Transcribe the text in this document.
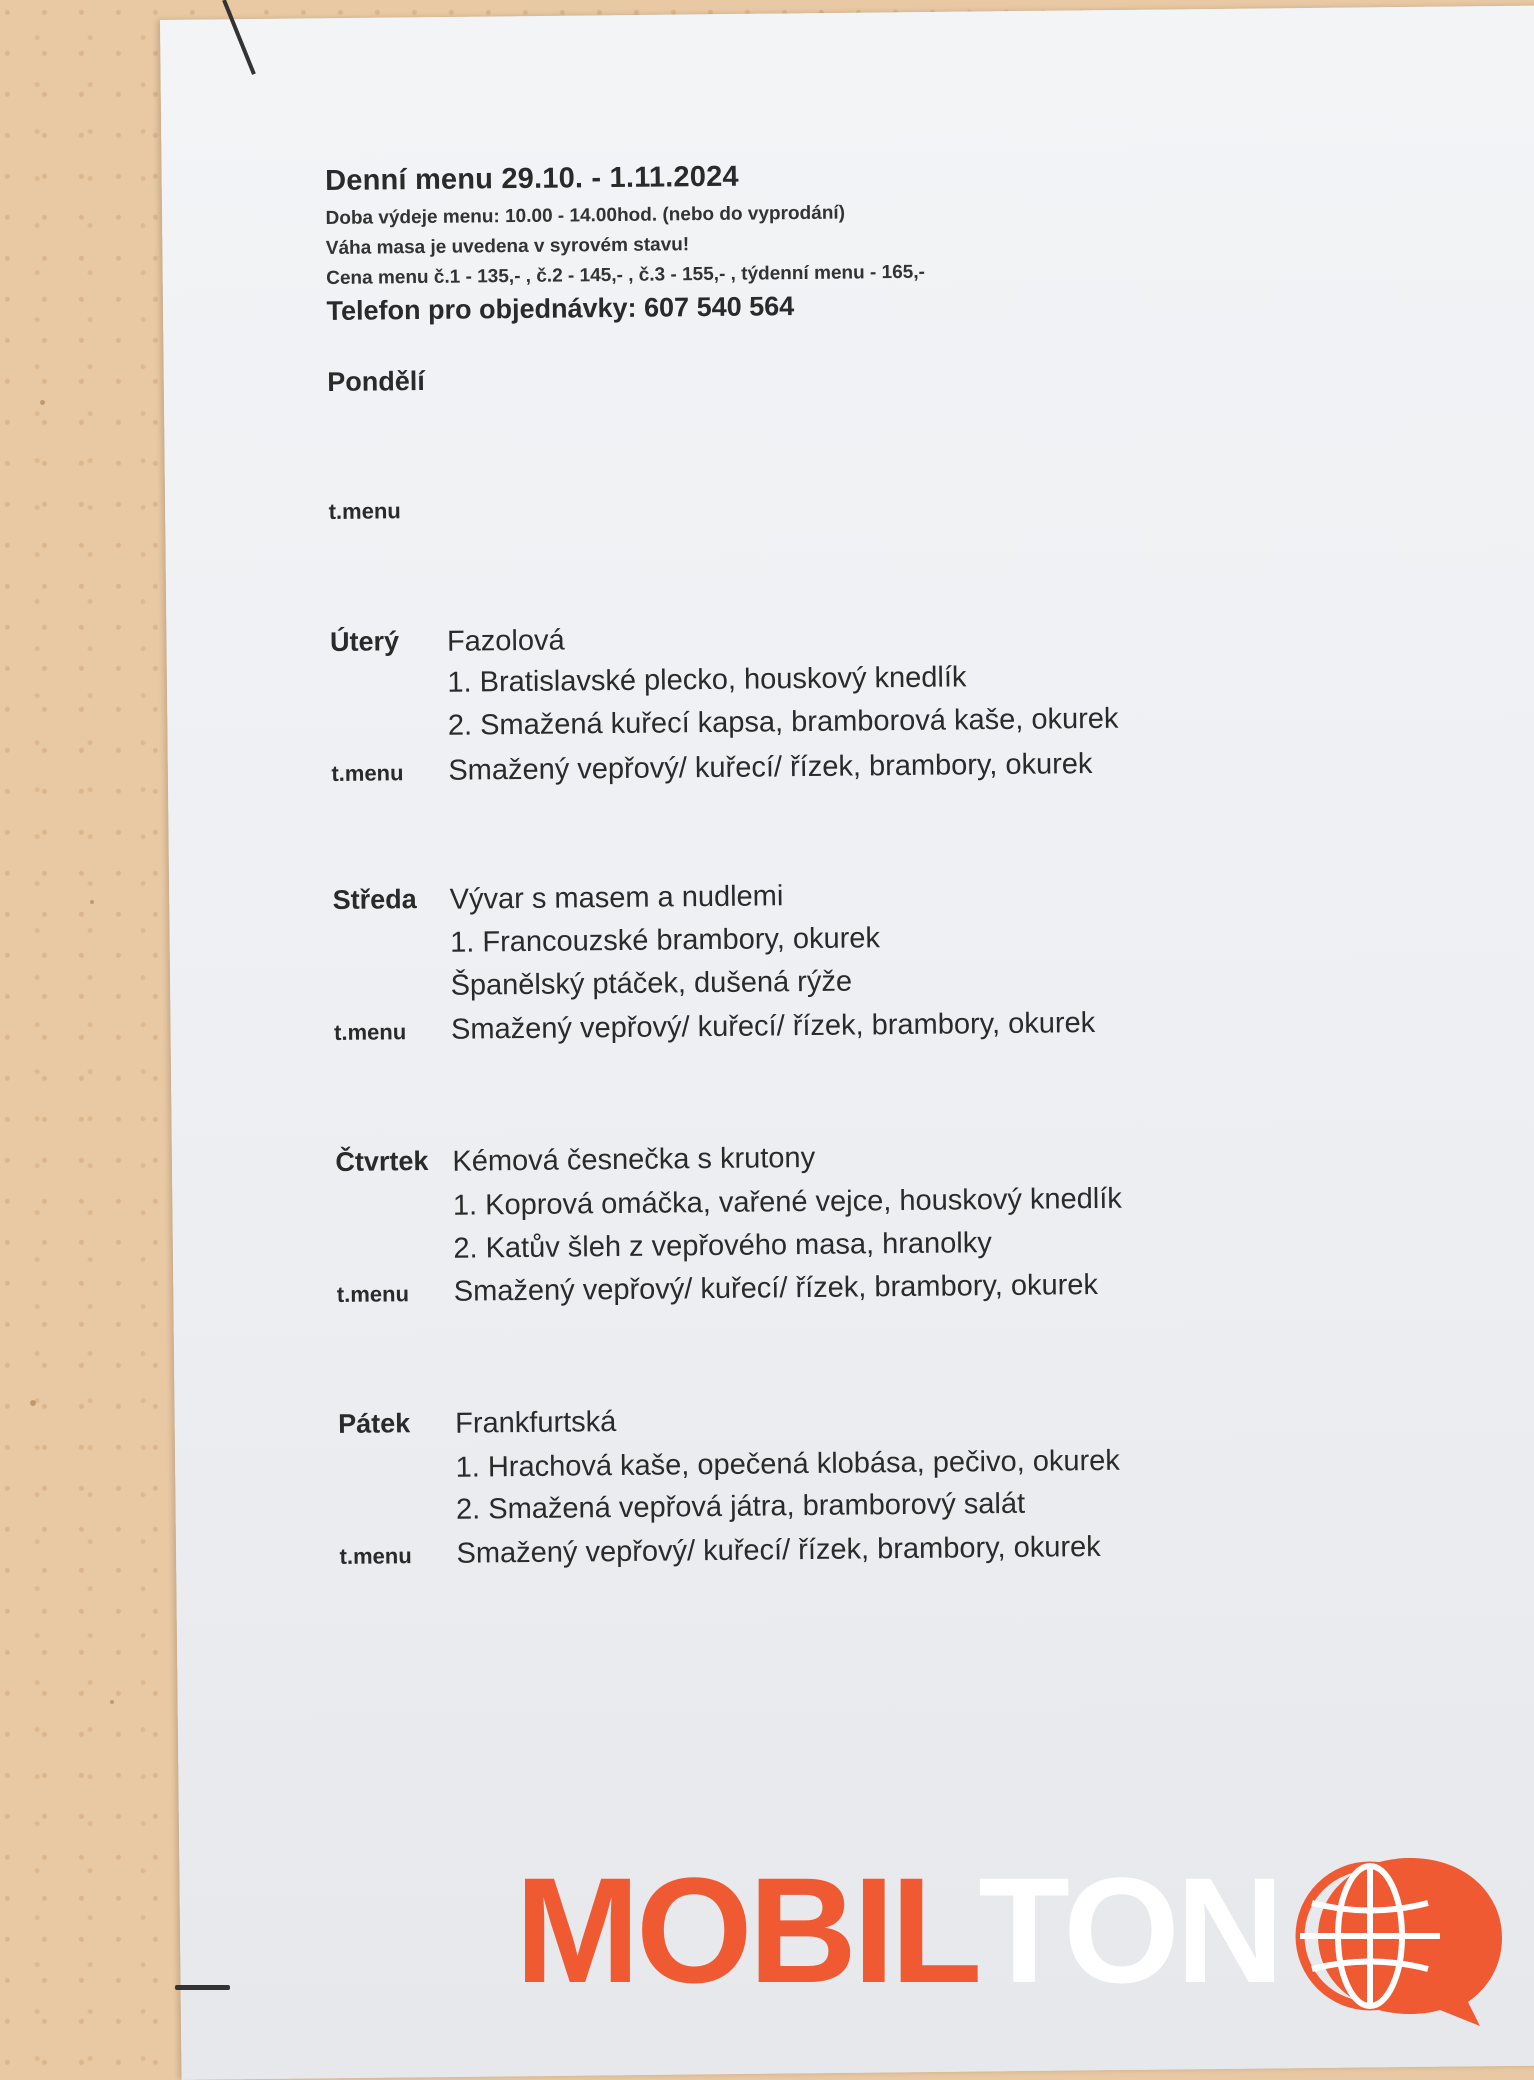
Denní menu 29.10. - 1.11.2024
Doba výdeje menu: 10.00 - 14.00hod. (nebo do vyprodání)
Váha masa je uvedena v syrovém stavu!
Cena menu č.1 - 135,- , č.2 - 145,- , č.3 - 155,- , týdenní menu - 165,-
Telefon pro objednávky: 607 540 564
Pondělí
t.menu
Úterý Fazolová
1. Bratislavské plecko, houskový knedlík
2. Smažená kuřecí kapsa, bramborová kaše, okurek
t.menu Smažený vepřový/ kuřecí/ řízek, brambory, okurek
Středa Vývar s masem a nudlemi
1. Francouzské brambory, okurek
Španělský ptáček, dušená rýže
t.menu Smažený vepřový/ kuřecí/ řízek, brambory, okurek
Čtvrtek Kémová česnečka s krutony
1. Koprová omáčka, vařené vejce, houskový knedlík
2. Katův šleh z vepřového masa, hranolky
t.menu Smažený vepřový/ kuřecí/ řízek, brambory, okurek
Pátek Frankfurtská
1. Hrachová kaše, opečená klobása, pečivo, okurek
2. Smažená vepřová játra, bramborový salát
t.menu Smažený vepřový/ kuřecí/ řízek, brambory, okurek
MOBIL TON
